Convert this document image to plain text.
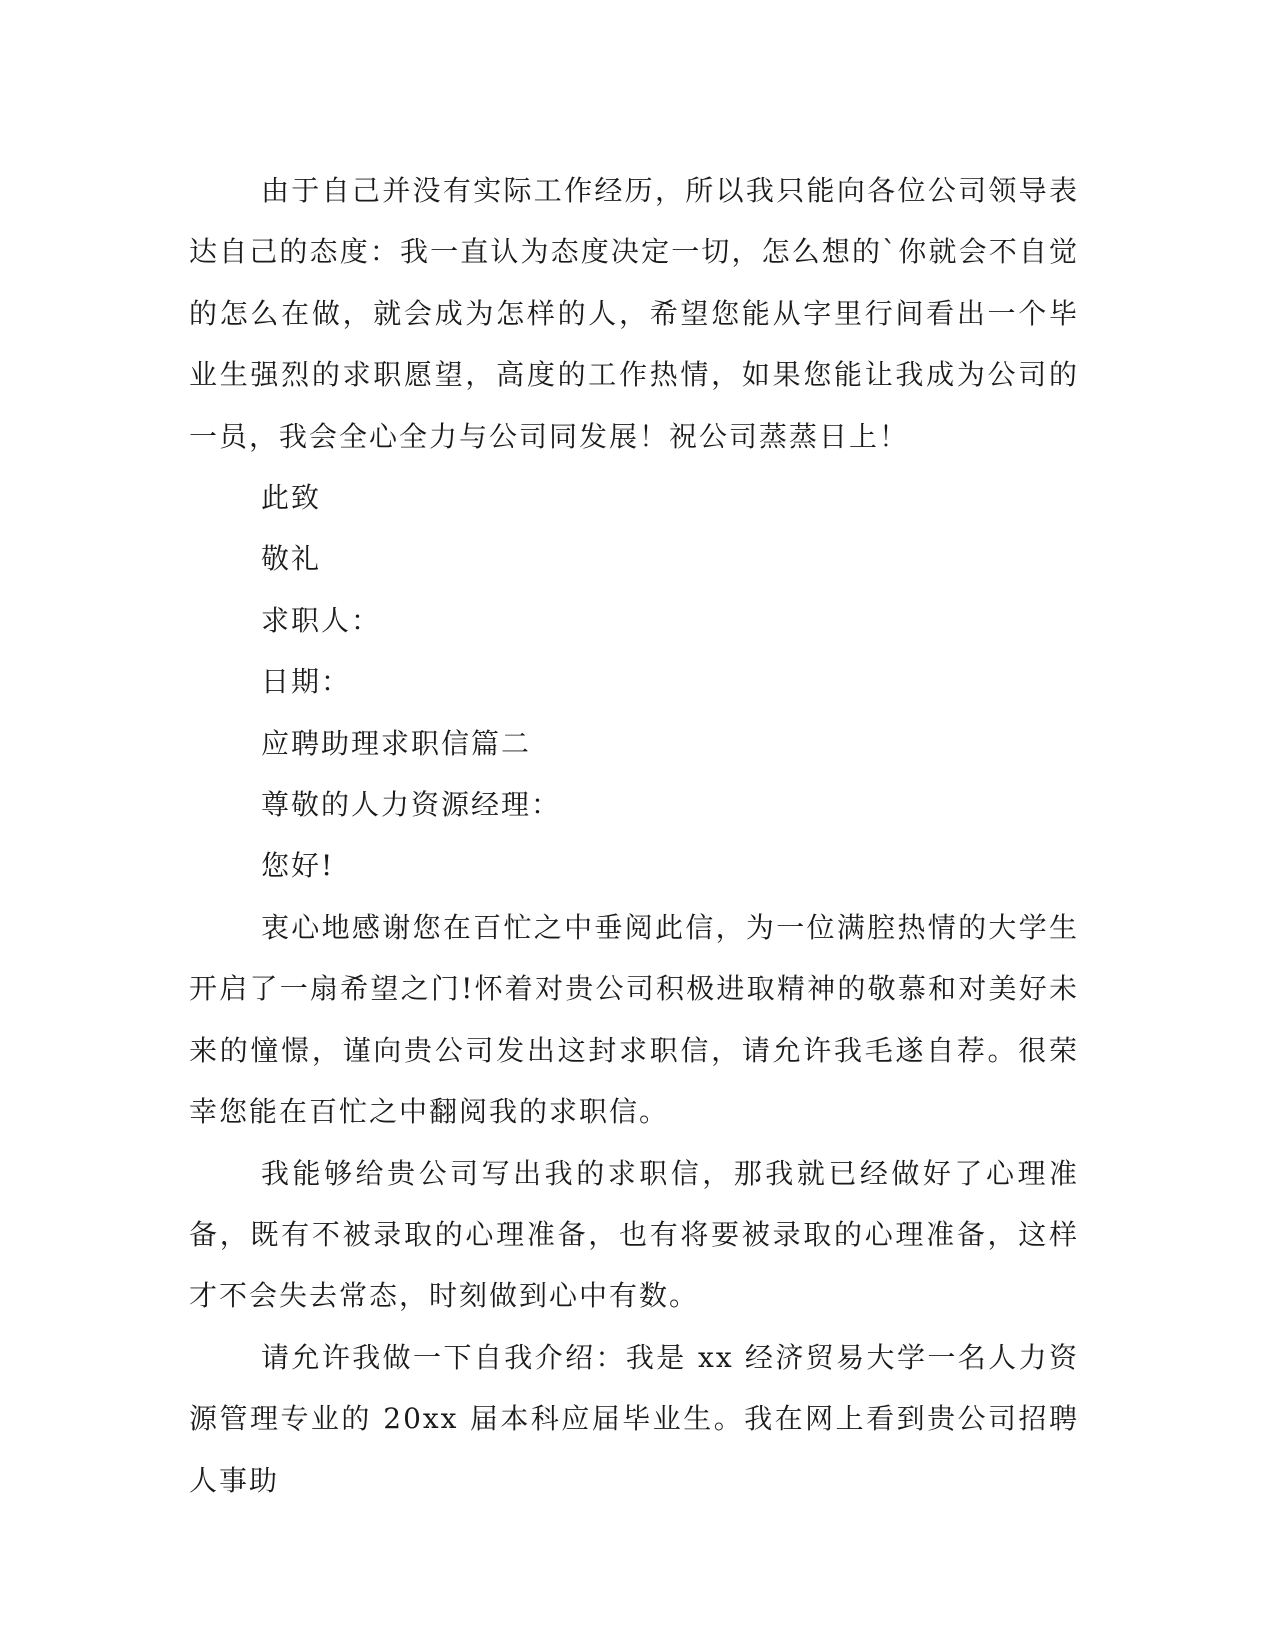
由于自己并没有实际工作经历，所以我只能向各位公司领导表达自己的态度：我一直认为态度决定一切，怎么想的`你就会不自觉的怎么在做，就会成为怎样的人，希望您能从字里行间看出一个毕业生强烈的求职愿望，高度的工作热情，如果您能让我成为公司的一员，我会全心全力与公司同发展！祝公司蒸蒸日上！

此致

敬礼

求职人：

日期：

应聘助理求职信篇二

尊敬的人力资源经理：

您好!

衷心地感谢您在百忙之中垂阅此信，为一位满腔热情的大学生开启了一扇希望之门!怀着对贵公司积极进取精神的敬慕和对美好未来的憧憬，谨向贵公司发出这封求职信，请允许我毛遂自荐。很荣幸您能在百忙之中翻阅我的求职信。

我能够给贵公司写出我的求职信，那我就已经做好了心理准备，既有不被录取的心理准备，也有将要被录取的心理准备，这样才不会失去常态，时刻做到心中有数。

请允许我做一下自我介绍：我是 xx 经济贸易大学一名人力资源管理专业的 20xx 届本科应届毕业生。我在网上看到贵公司招聘人事助
